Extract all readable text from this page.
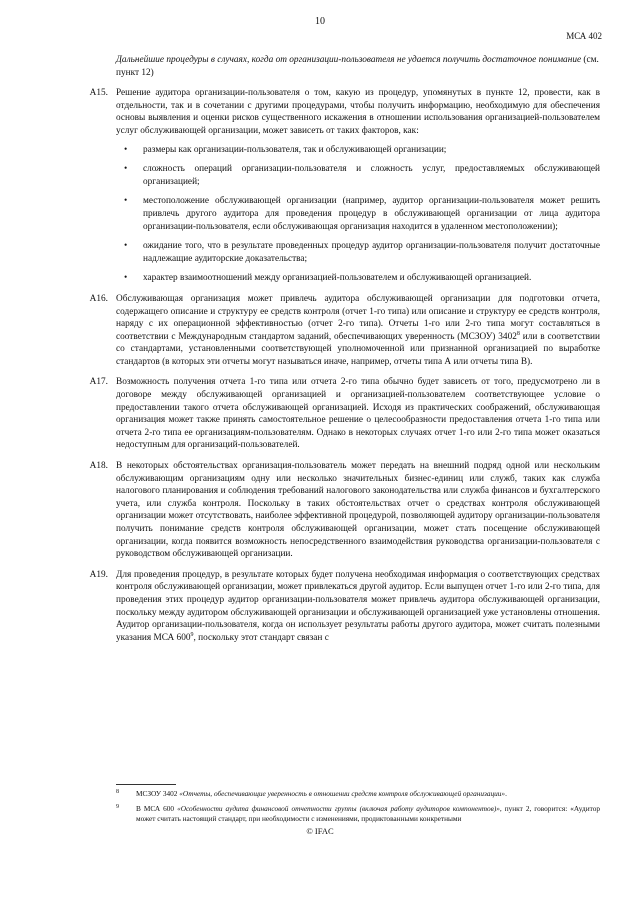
10
МСА 402

Дальнейшие процедуры в случаях, когда от организации-пользователя не удается получить достаточное понимание (см. пункт 12)

A15. Решение аудитора организации-пользователя о том, какую из процедур, упомянутых в пункте 12, провести, как в отдельности, так и в сочетании с другими процедурами, чтобы получить информацию, необходимую для обеспечения основы выявления и оценки рисков существенного искажения в отношении использования организацией-пользователем услуг обслуживающей организации, может зависеть от таких факторов, как:
• размеры как организации-пользователя, так и обслуживающей организации;
• сложность операций организации-пользователя и сложность услуг, предоставляемых обслуживающей организацией;
• местоположение обслуживающей организации (например, аудитор организации-пользователя может решить привлечь другого аудитора для проведения процедур в обслуживающей организации от лица аудитора организации-пользователя, если обслуживающая организация находится в удаленном местоположении);
• ожидание того, что в результате проведенных процедур аудитор организации-пользователя получит достаточные надлежащие аудиторские доказательства;
• характер взаимоотношений между организацией-пользователем и обслуживающей организацией.
A16. Обслуживающая организация может привлечь аудитора обслуживающей организации для подготовки отчета, содержащего описание и структуру ее средств контроля (отчет 1-го типа) или описание и структуру ее средств контроля, наряду с их операционной эффективностью (отчет 2-го типа). Отчеты 1-го или 2-го типа могут составляться в соответствии с Международным стандартом заданий, обеспечивающих уверенность (МСЗОУ) 3402$^8$ или в соответствии со стандартами, установленными соответствующей уполномоченной или признанной организацией по выработке стандартов (в которых эти отчеты могут называться иначе, например, отчеты типа А или отчеты типа В).
A17. Возможность получения отчета 1-го типа или отчета 2-го типа обычно будет зависеть от того, предусмотрено ли в договоре между обслуживающей организацией и организацией-пользователем соответствующее условие о предоставлении такого отчета обслуживающей организацией. Исходя из практических соображений, обслуживающая организация может также принять самостоятельное решение о целесообразности предоставления отчета 1-го типа или отчета 2-го типа ее организациям-пользователям. Однако в некоторых случаях отчет 1-го или 2-го типа может оказаться недоступным для организаций-пользователей.
A18. В некоторых обстоятельствах организация-пользователь может передать на внешний подряд одной или нескольким обслуживающим организациям одну или несколько значительных бизнес-единиц или служб, таких как служба налогового планирования и соблюдения требований налогового законодательства или служба финансов и бухгалтерского учета, или служба контроля. Поскольку в таких обстоятельствах отчет о средствах контроля обслуживающей организации может отсутствовать, наиболее эффективной процедурой, позволяющей аудитору организации-пользователя получить понимание средств контроля обслуживающей организации, может стать посещение обслуживающей организации, когда появится возможность непосредственного взаимодействия руководства организации-пользователя с руководством обслуживающей организации.
A19. Для проведения процедур, в результате которых будет получена необходимая информация о соответствующих средствах контроля обслуживающей организации, может привлекаться другой аудитор. Если выпущен отчет 1-го или 2-го типа, для проведения этих процедур аудитор организации-пользователя может привлечь аудитора обслуживающей организации, поскольку между аудитором обслуживающей организации и обслуживающей организацией уже установлены отношения. Аудитор организации-пользователя, когда он использует результаты работы другого аудитора, может считать полезными указания МСА $600^9$, поскольку этот стандарт связан с
8 МСЗОУ 3402 «Отчеты, обеспечивающие уверенность в отношении средств контроля обслуживающей организации».
9 В МСА 600 «Особенности аудита финансовой отчетности группы (включая работу аудиторов компонентов)», пункт 2, говорится: «Аудитор может считать настоящий стандарт, при необходимости с изменениями, продиктованными конкретными
© IFAC
